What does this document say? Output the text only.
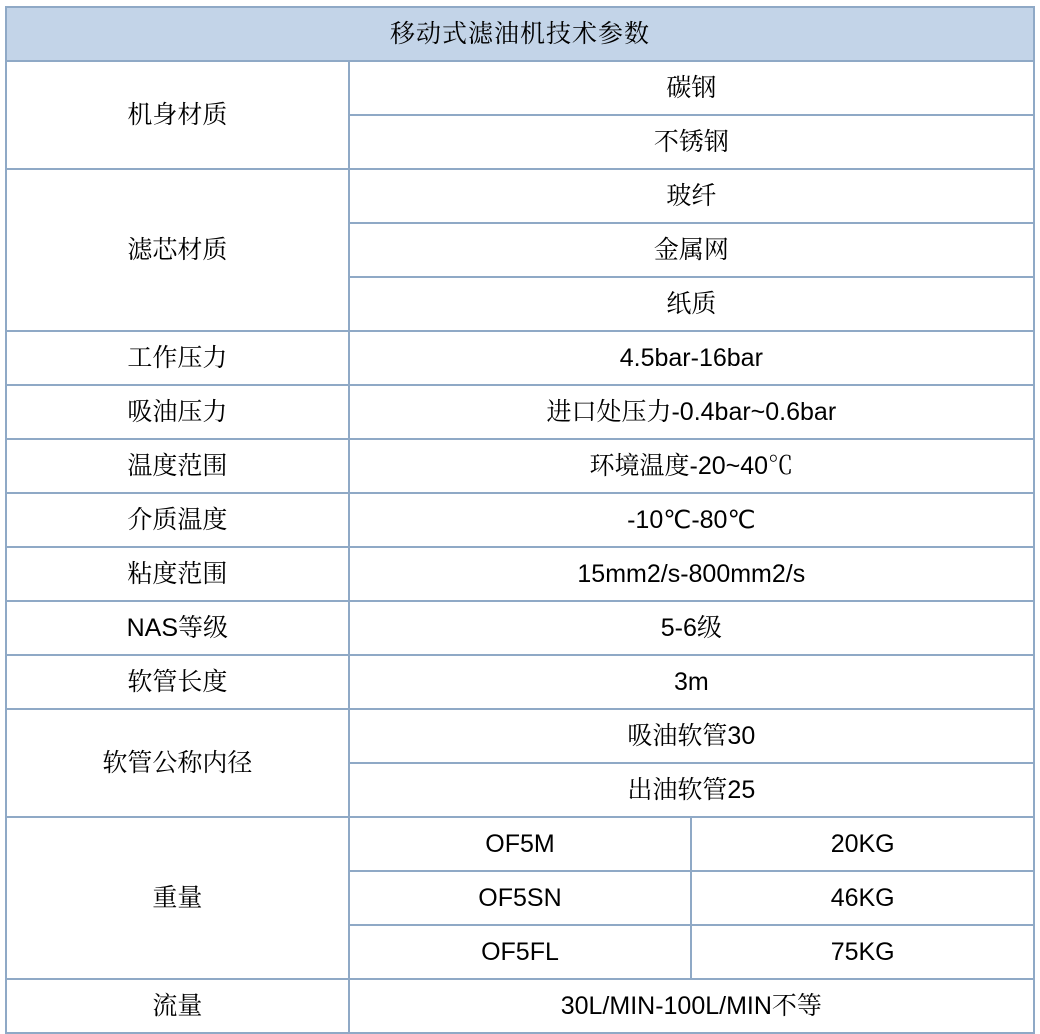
移动式滤油机技术参数		
机身材质	碳钢	
	不锈钢	
滤芯材质	玻纤	
	金属网	
	纸质	
工作压力	4.5bar-16bar	
吸油压力	进口处压力-0.4bar~0.6bar	
温度范围	环境温度-20~40℃	
介质温度	-10℃-80℃	
粘度范围	15mm2/s-800mm2/s	
NAS等级	5-6级	
软管长度	3m	
软管公称内径	吸油软管30	
	出油软管25	
重量	OF5M	20KG
	OF5SN	46KG
	OF5FL	75KG
流量	30L/MIN-100L/MIN不等	
